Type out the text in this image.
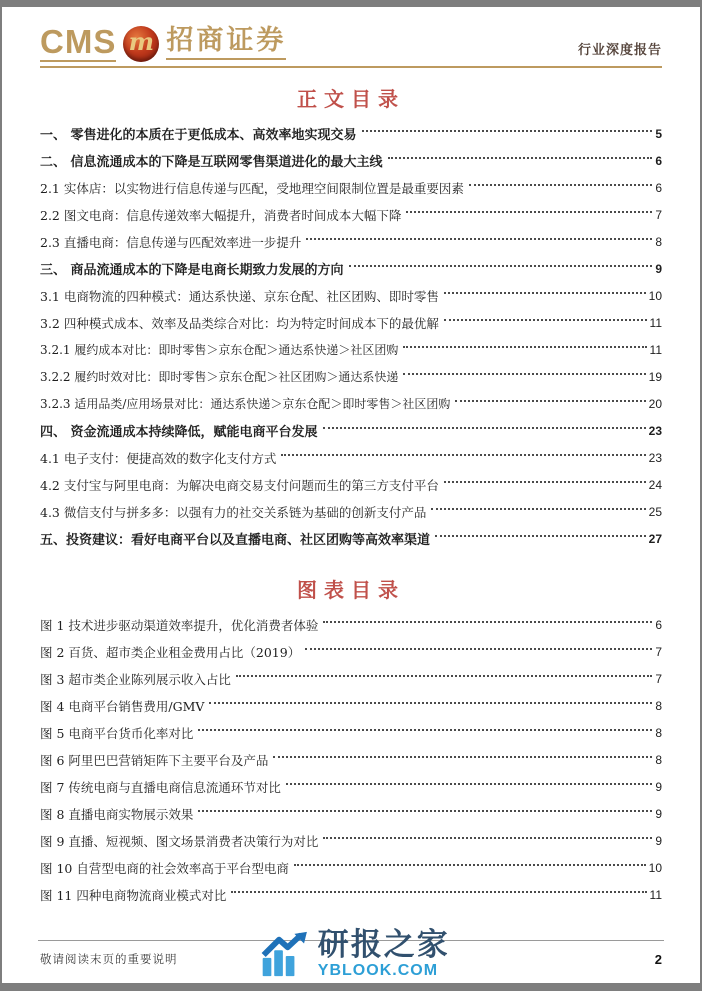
CMS m 招商证券	行业深度报告
正文目录
一、 零售进化的本质在于更低成本、高效率地实现交易	5
二、 信息流通成本的下降是互联网零售渠道进化的最大主线	6
2.1 实体店：以实物进行信息传递与匹配，受地理空间限制位置是最重要因素	6
2.2 图文电商：信息传递效率大幅提升，消费者时间成本大幅下降	7
2.3 直播电商：信息传递与匹配效率进一步提升	8
三、 商品流通成本的下降是电商长期致力发展的方向	9
3.1 电商物流的四种模式：通达系快递、京东仓配、社区团购、即时零售	10
3.2 四种模式成本、效率及品类综合对比：均为特定时间成本下的最优解	11
3.2.1 履约成本对比：即时零售＞京东仓配＞通达系快递＞社区团购	11
3.2.2 履约时效对比：即时零售＞京东仓配＞社区团购＞通达系快递	19
3.2.3 适用品类/应用场景对比：通达系快递＞京东仓配＞即时零售＞社区团购	20
四、 资金流通成本持续降低，赋能电商平台发展	23
4.1 电子支付：便捷高效的数字化支付方式	23
4.2 支付宝与阿里电商：为解决电商交易支付问题而生的第三方支付平台	24
4.3 微信支付与拼多多：以强有力的社交关系链为基础的创新支付产品	25
五、投资建议：看好电商平台以及直播电商、社区团购等高效率渠道	27
图表目录
图 1 技术进步驱动渠道效率提升，优化消费者体验	6
图 2 百货、超市类企业租金费用占比（2019）	7
图 3 超市类企业陈列展示收入占比	7
图 4 电商平台销售费用/GMV	8
图 5 电商平台货币化率对比	8
图 6 阿里巴巴营销矩阵下主要平台及产品	8
图 7 传统电商与直播电商信息流通环节对比	9
图 8 直播电商实物展示效果	9
图 9 直播、短视频、图文场景消费者决策行为对比	9
图 10 自营型电商的社会效率高于平台型电商	10
图 11 四种电商物流商业模式对比	11
敬请阅读末页的重要说明	2
研报之家
YBLOOK.COM
